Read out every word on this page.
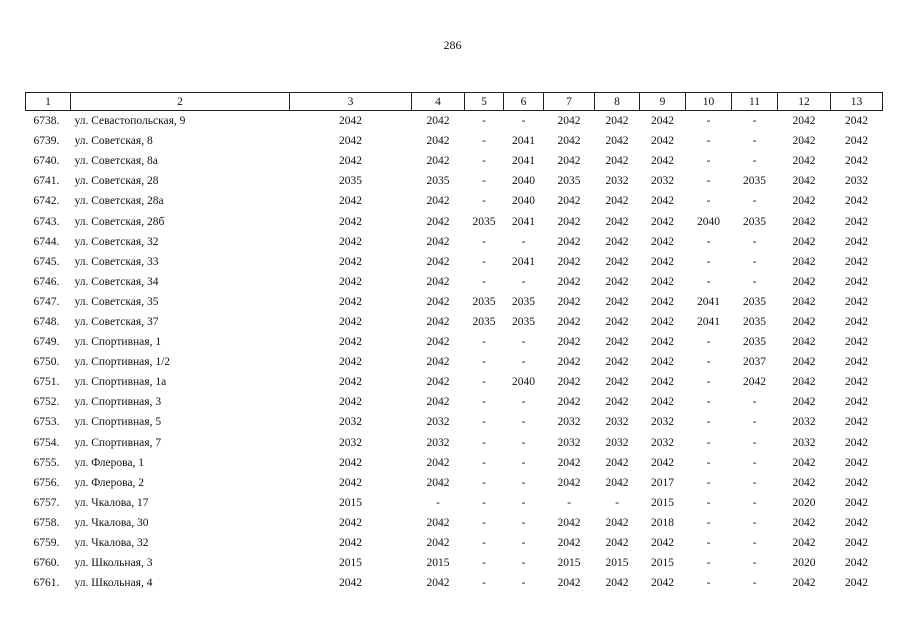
286
1	2	3	4	5	6	7	8	9	10	11	12	13
6738.	ул. Севастопольская, 9	2042	2042	-	-	2042	2042	2042	-	-	2042	2042
6739.	ул. Советская, 8	2042	2042	-	2041	2042	2042	2042	-	-	2042	2042
6740.	ул. Советская, 8а	2042	2042	-	2041	2042	2042	2042	-	-	2042	2042
6741.	ул. Советская, 28	2035	2035	-	2040	2035	2032	2032	-	2035	2042	2032
6742.	ул. Советская, 28а	2042	2042	-	2040	2042	2042	2042	-	-	2042	2042
6743.	ул. Советская, 28б	2042	2042	2035	2041	2042	2042	2042	2040	2035	2042	2042
6744.	ул. Советская, 32	2042	2042	-	-	2042	2042	2042	-	-	2042	2042
6745.	ул. Советская, 33	2042	2042	-	2041	2042	2042	2042	-	-	2042	2042
6746.	ул. Советская, 34	2042	2042	-	-	2042	2042	2042	-	-	2042	2042
6747.	ул. Советская, 35	2042	2042	2035	2035	2042	2042	2042	2041	2035	2042	2042
6748.	ул. Советская, 37	2042	2042	2035	2035	2042	2042	2042	2041	2035	2042	2042
6749.	ул. Спортивная, 1	2042	2042	-	-	2042	2042	2042	-	2035	2042	2042
6750.	ул. Спортивная, 1/2	2042	2042	-	-	2042	2042	2042	-	2037	2042	2042
6751.	ул. Спортивная, 1а	2042	2042	-	2040	2042	2042	2042	-	2042	2042	2042
6752.	ул. Спортивная, 3	2042	2042	-	-	2042	2042	2042	-	-	2042	2042
6753.	ул. Спортивная, 5	2032	2032	-	-	2032	2032	2032	-	-	2032	2042
6754.	ул. Спортивная, 7	2032	2032	-	-	2032	2032	2032	-	-	2032	2042
6755.	ул. Флерова, 1	2042	2042	-	-	2042	2042	2042	-	-	2042	2042
6756.	ул. Флерова, 2	2042	2042	-	-	2042	2042	2017	-	-	2042	2042
6757.	ул. Чкалова, 17	2015	-	-	-	-	-	2015	-	-	2020	2042
6758.	ул. Чкалова, 30	2042	2042	-	-	2042	2042	2018	-	-	2042	2042
6759.	ул. Чкалова, 32	2042	2042	-	-	2042	2042	2042	-	-	2042	2042
6760.	ул. Школьная, 3	2015	2015	-	-	2015	2015	2015	-	-	2020	2042
6761.	ул. Школьная, 4	2042	2042	-	-	2042	2042	2042	-	-	2042	2042
